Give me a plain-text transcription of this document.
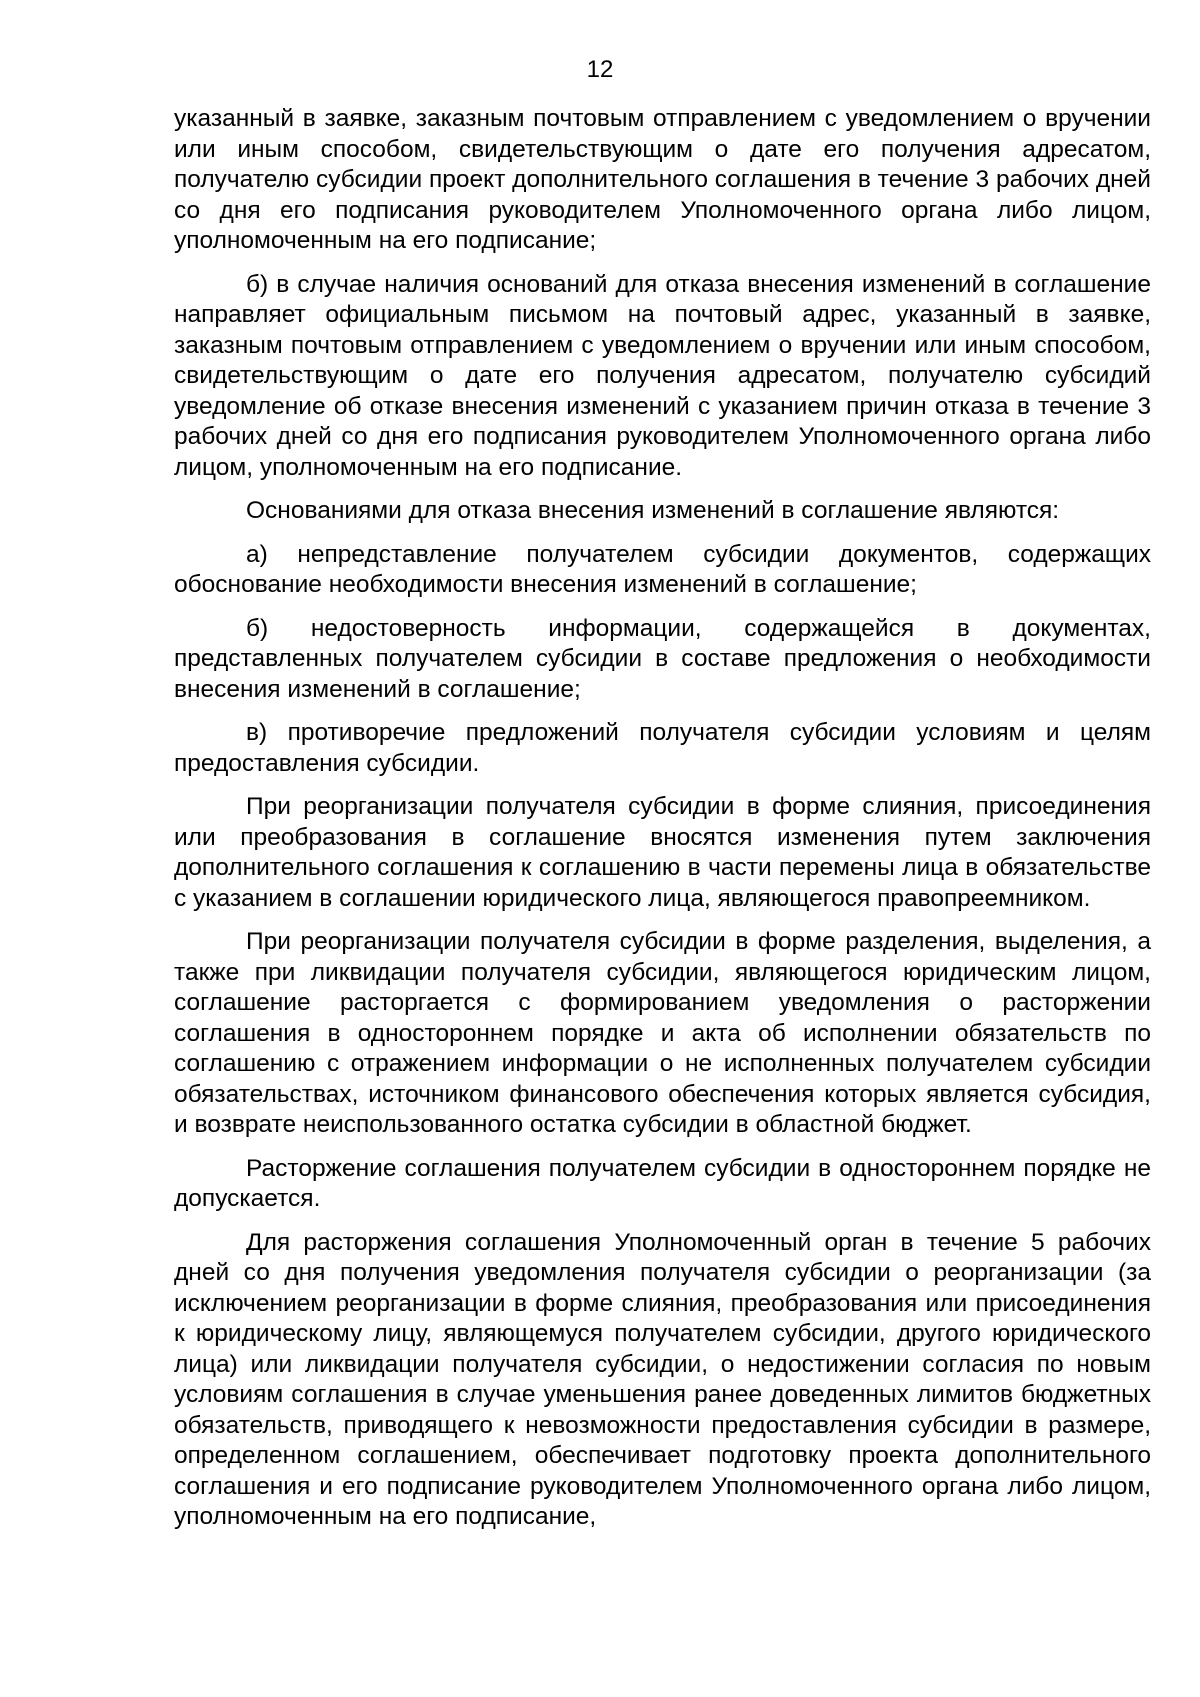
12

указанный в заявке, заказным почтовым отправлением с уведомлением о вручении или иным способом, свидетельствующим о дате его получения адресатом, получателю субсидии проект дополнительного соглашения в течение 3 рабочих дней со дня его подписания руководителем Уполномоченного органа либо лицом, уполномоченным на его подписание;

б) в случае наличия оснований для отказа внесения изменений в соглашение направляет официальным письмом на почтовый адрес, указанный в заявке, заказным почтовым отправлением с уведомлением о вручении или иным способом, свидетельствующим о дате его получения адресатом, получателю субсидий уведомление об отказе внесения изменений с указанием причин отказа в течение 3 рабочих дней со дня его подписания руководителем Уполномоченного органа либо лицом, уполномоченным на его подписание.

Основаниями для отказа внесения изменений в соглашение являются:

а) непредставление получателем субсидии документов, содержащих обоснование необходимости внесения изменений в соглашение;

б) недостоверность информации, содержащейся в документах, представленных получателем субсидии в составе предложения о необходимости внесения изменений в соглашение;

в) противоречие предложений получателя субсидии условиям и целям предоставления субсидии.

При реорганизации получателя субсидии в форме слияния, присоединения или преобразования в соглашение вносятся изменения путем заключения дополнительного соглашения к соглашению в части перемены лица в обязательстве с указанием в соглашении юридического лица, являющегося правопреемником.

При реорганизации получателя субсидии в форме разделения, выделения, а также при ликвидации получателя субсидии, являющегося юридическим лицом, соглашение расторгается с формированием уведомления о расторжении соглашения в одностороннем порядке и акта об исполнении обязательств по соглашению с отражением информации о не исполненных получателем субсидии обязательствах, источником финансового обеспечения которых является субсидия, и возврате неиспользованного остатка субсидии в областной бюджет.

Расторжение соглашения получателем субсидии в одностороннем порядке не допускается.

Для расторжения соглашения Уполномоченный орган в течение 5 рабочих дней со дня получения уведомления получателя субсидии о реорганизации (за исключением реорганизации в форме слияния, преобразования или присоединения к юридическому лицу, являющемуся получателем субсидии, другого юридического лица) или ликвидации получателя субсидии, о недостижении согласия по новым условиям соглашения в случае уменьшения ранее доведенных лимитов бюджетных обязательств, приводящего к невозможности предоставления субсидии в размере, определенном соглашением, обеспечивает подготовку проекта дополнительного соглашения и его подписание руководителем Уполномоченного органа либо лицом, уполномоченным на его подписание,
